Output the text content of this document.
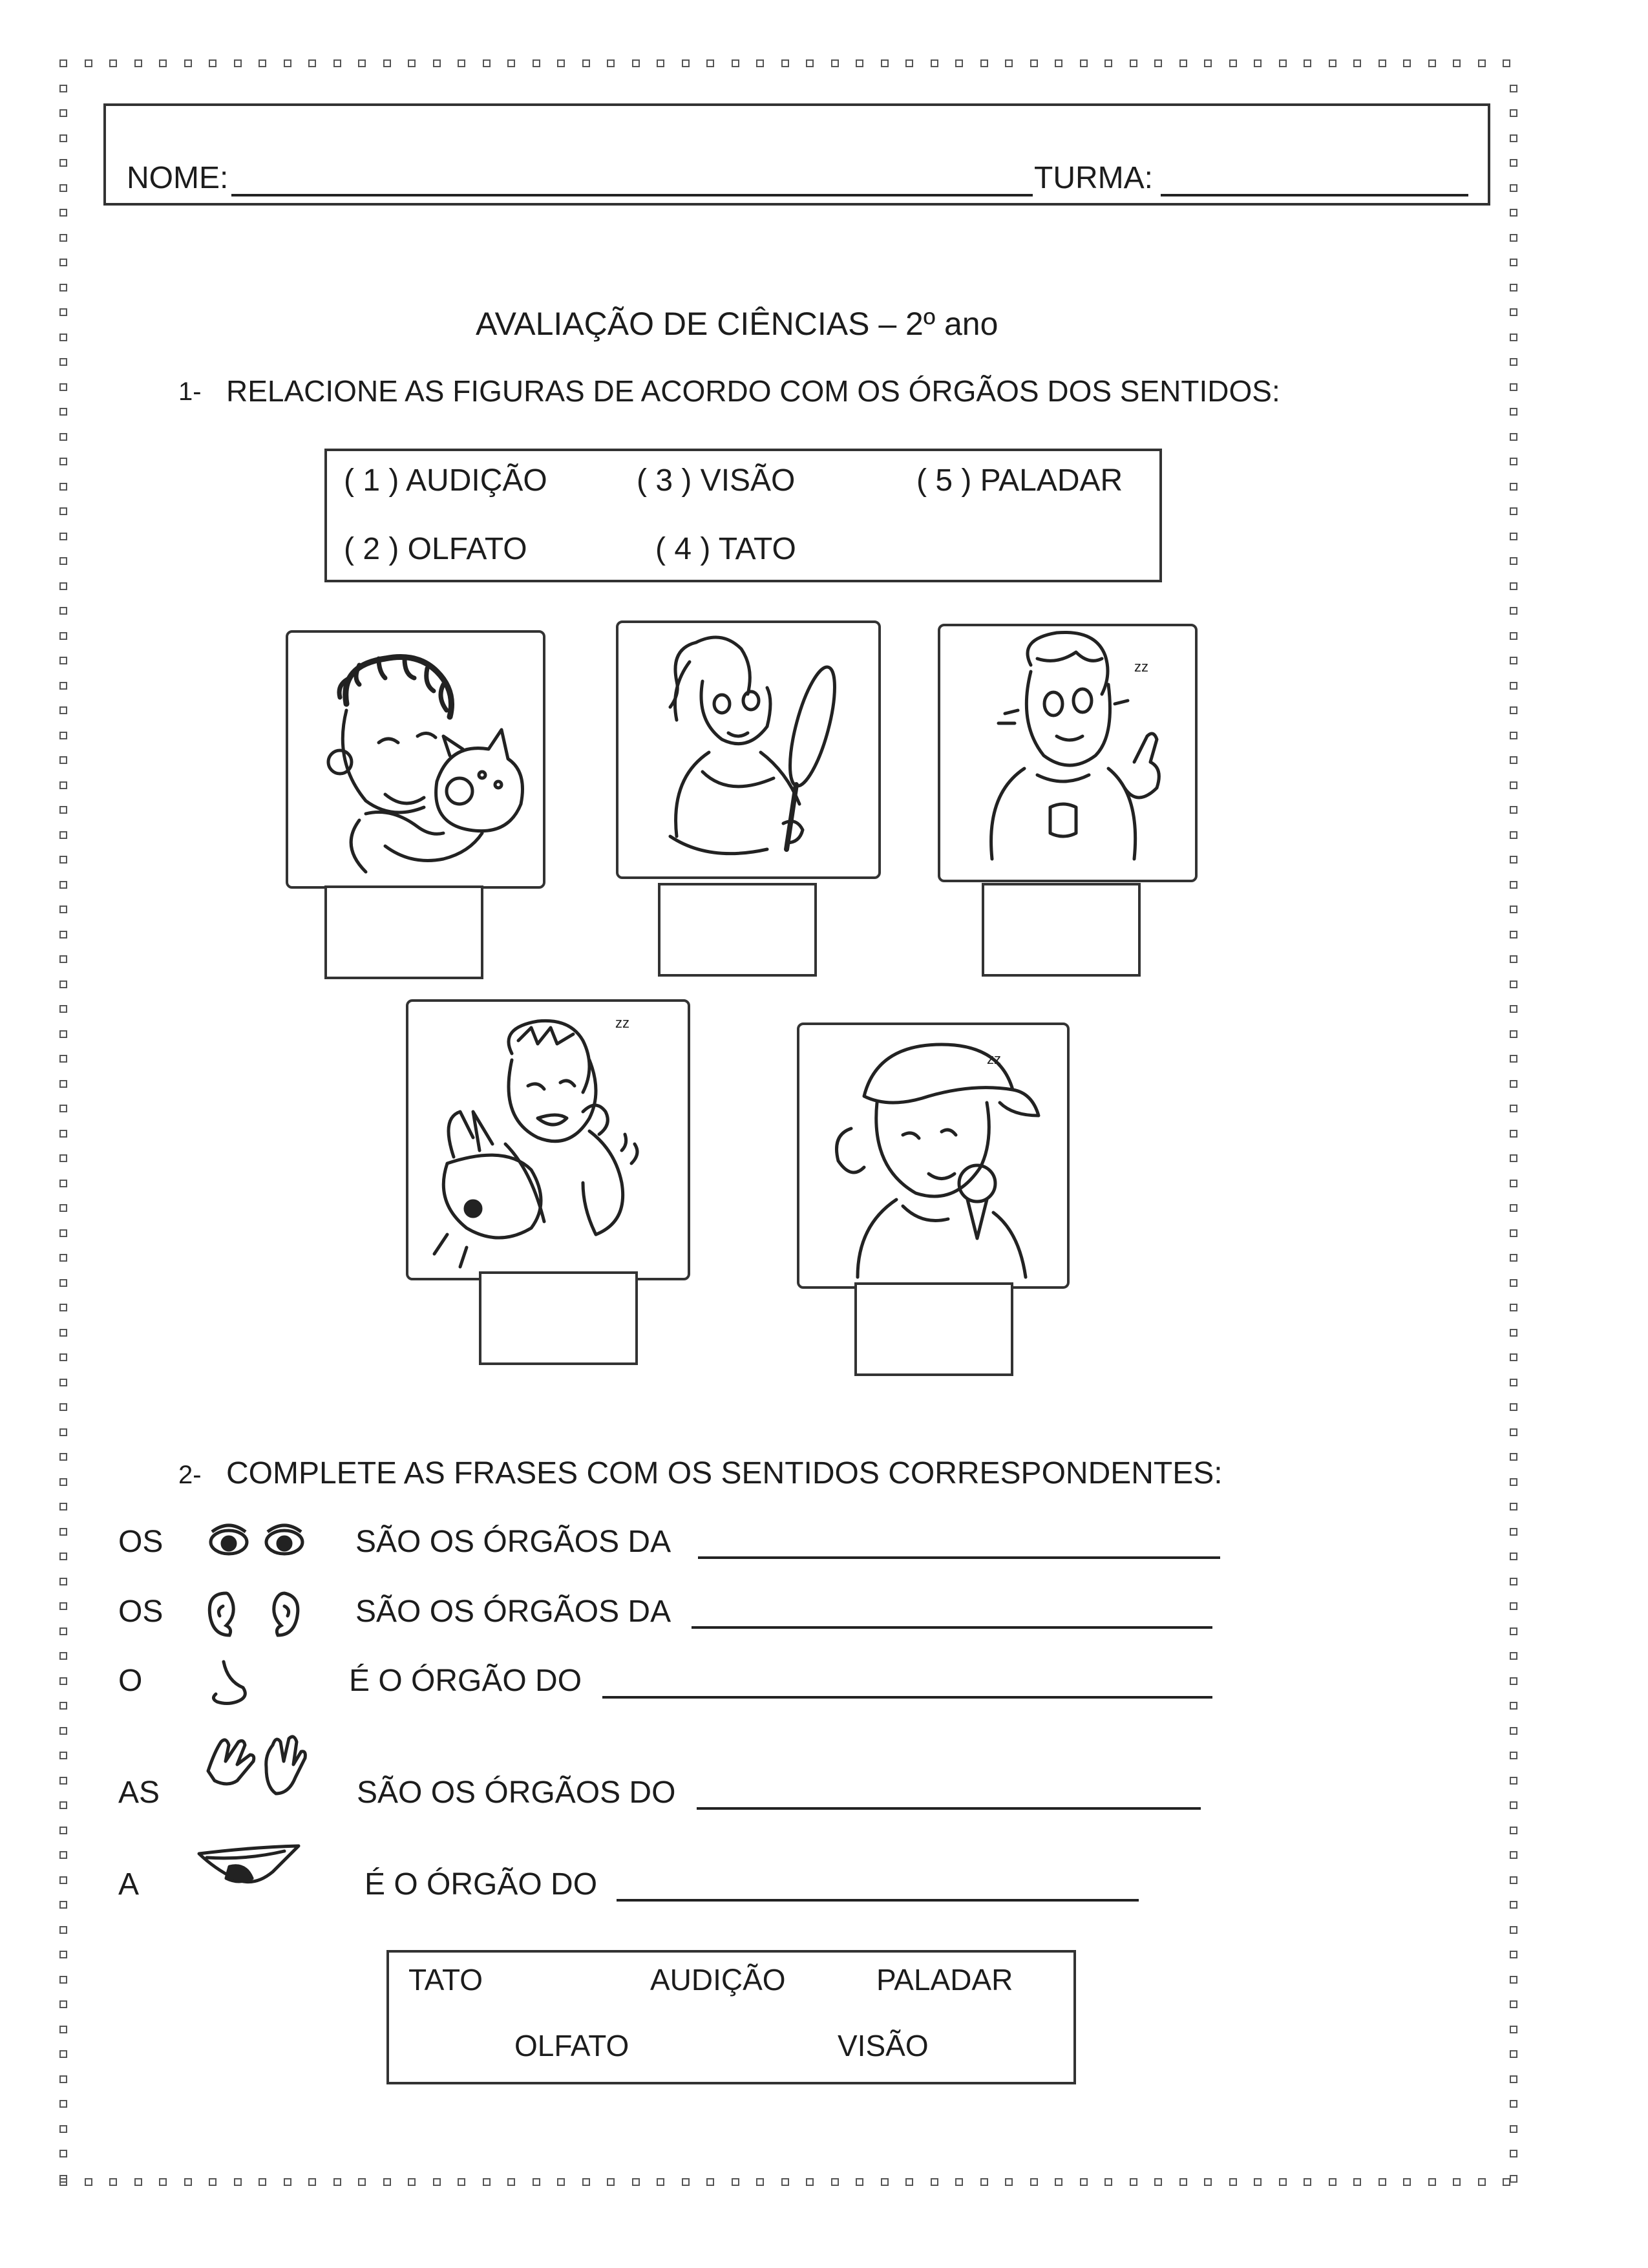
NOME:	TURMA:
AVALIAÇÃO DE CIÊNCIAS – 2º ano
1- RELACIONE AS FIGURAS DE ACORDO COM OS ÓRGÃOS DOS SENTIDOS:
( 1 ) AUDIÇÃO	( 3 ) VISÃO	( 5 ) PALADAR
( 2 ) OLFATO	( 4 ) TATO
zz
zz
zz
2- COMPLETE AS FRASES COM OS SENTIDOS CORRESPONDENTES:
OS	SÃO OS ÓRGÃOS DA
OS	SÃO OS ÓRGÃOS DA
O	É O ÓRGÃO DO
AS	SÃO OS ÓRGÃOS DO
A	É O ÓRGÃO DO
TATO	AUDIÇÃO	PALADAR
OLFATO	VISÃO
